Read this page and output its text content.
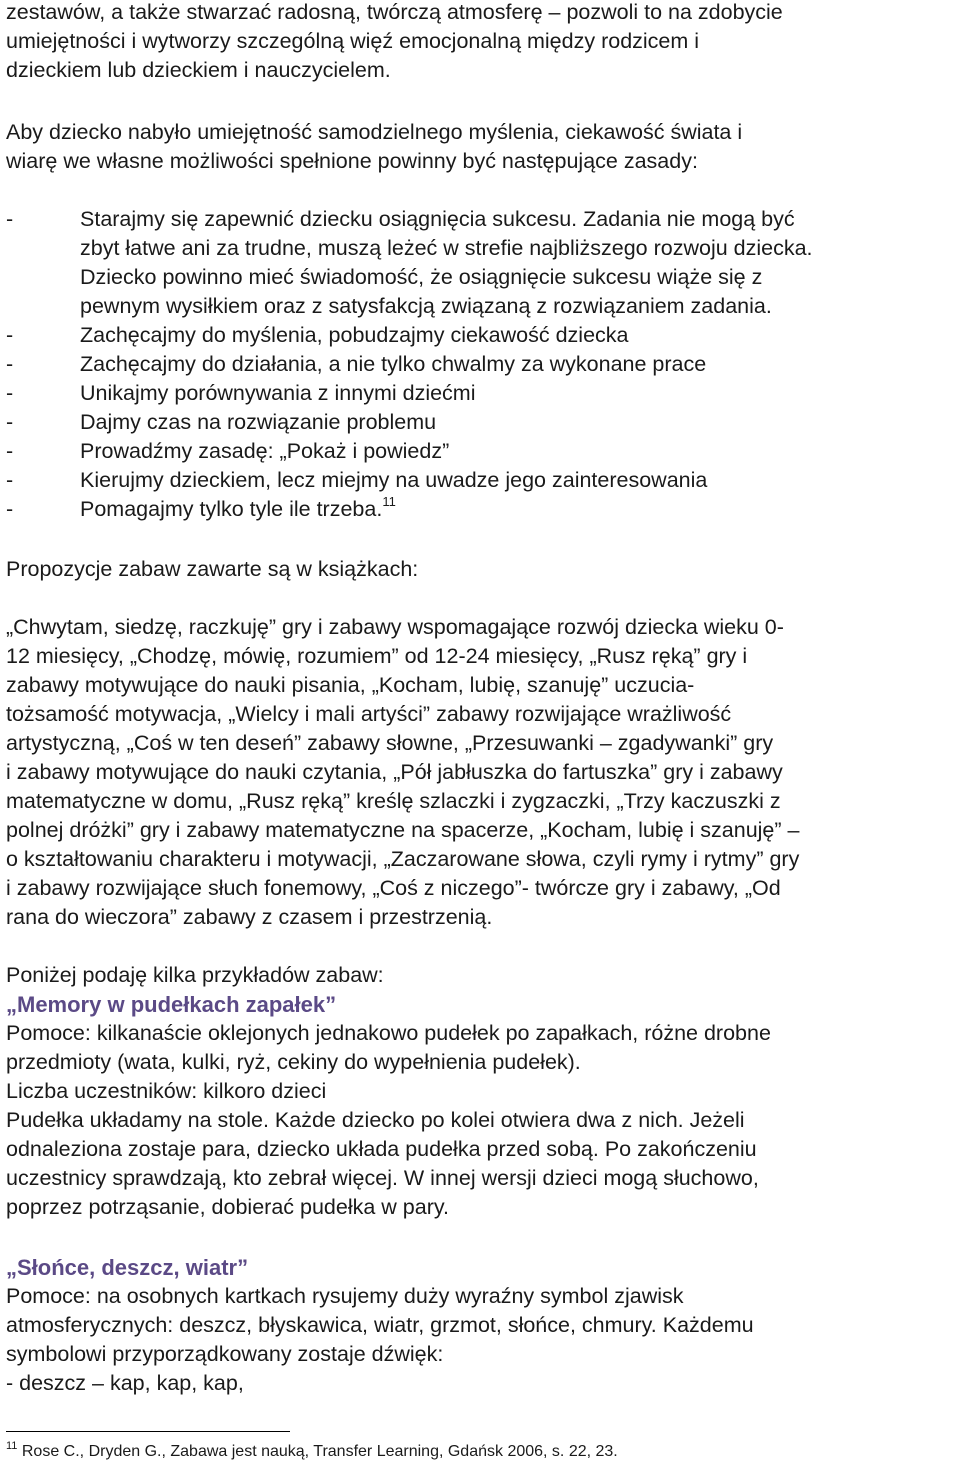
zestawów, a także stwarzać radosną, twórczą atmosferę – pozwoli to na zdobycie

umiejętności i wytworzy szczególną więź emocjonalną między rodzicem i

dzieckiem lub dzieckiem i nauczycielem.

Aby dziecko nabyło umiejętność samodzielnego myślenia, ciekawość świata i

wiarę we własne możliwości spełnione powinny być następujące zasady:

-	Starajmy się zapewnić dziecku osiągnięcia sukcesu. Zadania nie mogą być

zbyt łatwe ani za trudne, muszą leżeć w strefie najbliższego rozwoju dziecka.

Dziecko powinno mieć świadomość, że osiągnięcie sukcesu wiąże się z

pewnym wysiłkiem oraz z satysfakcją związaną z rozwiązaniem zadania.

-	Zachęcajmy do myślenia, pobudzajmy ciekawość dziecka
-	Zachęcajmy do działania, a nie tylko chwalmy za wykonane prace
-	Unikajmy porównywania z innymi dziećmi
-	Dajmy czas na rozwiązanie problemu
-	Prowadźmy zasadę: „Pokaż i powiedz”
-	Kierujmy dzieckiem, lecz miejmy na uwadze jego zainteresowania
-	Pomagajmy tylko tyle ile trzeba.$^{11}$

Propozycje zabaw zawarte są w książkach:

„Chwytam, siedzę, raczkuję” gry i zabawy wspomagające rozwój dziecka wieku 0-

12 miesięcy, „Chodzę, mówię, rozumiem” od 12-24 miesięcy, „Rusz ręką” gry i

zabawy motywujące do nauki pisania, „Kocham, lubię, szanuję” uczucia-

tożsamość motywacja, „Wielcy i mali artyści” zabawy rozwijające wrażliwość

artystyczną, „Coś w ten deseń” zabawy słowne, „Przesuwanki – zgadywanki” gry

i zabawy motywujące do nauki czytania, „Pół jabłuszka do fartuszka” gry i zabawy

matematyczne w domu, „Rusz ręką” kreślę szlaczki i zygzaczki, „Trzy kaczuszki z

polnej dróżki” gry i zabawy matematyczne na spacerze, „Kocham, lubię i szanuję” –

o kształtowaniu charakteru i motywacji, „Zaczarowane słowa, czyli rymy i rytmy” gry

i zabawy rozwijające słuch fonemowy, „Coś z niczego”- twórcze gry i zabawy, „Od

rana do wieczora” zabawy z czasem i przestrzenią.

Poniżej podaję kilka przykładów zabaw:

„Memory w pudełkach zapałek”

Pomoce: kilkanaście oklejonych jednakowo pudełek po zapałkach, różne drobne

przedmioty (wata, kulki, ryż, cekiny do wypełnienia pudełek).

Liczba uczestników: kilkoro dzieci

Pudełka układamy na stole. Każde dziecko po kolei otwiera dwa z nich. Jeżeli

odnaleziona zostaje para, dziecko układa pudełka przed sobą. Po zakończeniu

uczestnicy sprawdzają, kto zebrał więcej. W innej wersji dzieci mogą słuchowo,

poprzez potrząsanie, dobierać pudełka w pary.

„Słońce, deszcz, wiatr”

Pomoce: na osobnych kartkach rysujemy duży wyraźny symbol zjawisk

atmosferycznych: deszcz, błyskawica, wiatr, grzmot, słońce, chmury. Każdemu

symbolowi przyporządkowany zostaje dźwięk:

- deszcz – kap, kap, kap,

$^{11}$ Rose C., Dryden G., Zabawa jest nauką, Transfer Learning, Gdańsk 2006, s. 22, 23.
